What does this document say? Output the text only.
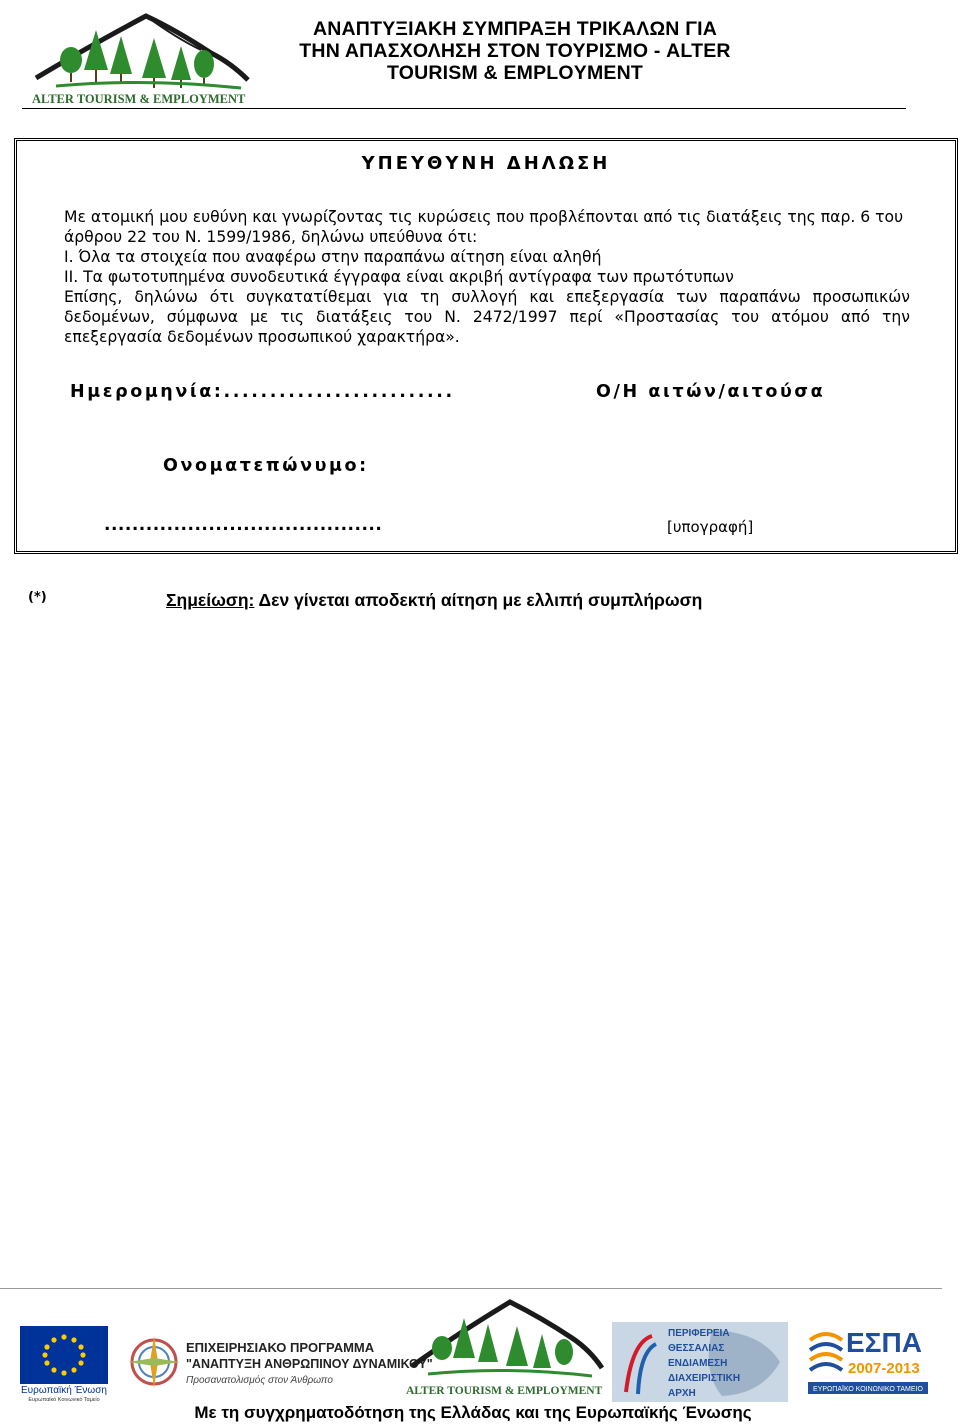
ALTER TOURISM & EMPLOYMENT
ΑΝΑΠΤΥΞΙΑΚΗ ΣΥΜΠΡΑΞΗ ΤΡΙΚΑΛΩΝ ΓΙΑ
ΤΗΝ ΑΠΑΣΧΟΛΗΣΗ ΣΤΟΝ ΤΟΥΡΙΣΜΟ - ALTER
TOURISM & EMPLOYMENT
ΥΠΕΥΘΥΝΗ ΔΗΛΩΣΗ

Με ατομική μου ευθύνη και γνωρίζοντας τις κυρώσεις που προβλέπονται από τις διατάξεις της παρ. 6 του άρθρου 22 του Ν. 1599/1986, δηλώνω υπεύθυνα ότι:

Ι. Όλα τα στοιχεία που αναφέρω στην παραπάνω αίτηση είναι αληθή

ΙΙ. Τα φωτοτυπημένα συνοδευτικά έγγραφα είναι ακριβή αντίγραφα των πρωτότυπων

Επίσης, δηλώνω ότι συγκατατίθεμαι για τη συλλογή και επεξεργασία των παραπάνω προσωπικών δεδομένων, σύμφωνα με τις διατάξεις του Ν. 2472/1997 περί «Προστασίας του ατόμου από την επεξεργασία δεδομένων προσωπικού χαρακτήρα».

Ημερομηνία:.........................	Ο/Η αιτών/αιτούσα
Ονοματεπώνυμο:
........................................	[υπογραφή]
(*)	Σημείωση: Δεν γίνεται αποδεκτή αίτηση με ελλιπή συμπλήρωση
Ευρωπαϊκή Ένωση
Ευρωπαϊκό Κοινωνικό Ταμείο
ΕΠΙΧΕΙΡΗΣΙΑΚΟ ΠΡΟΓΡΑΜΜΑ
"ΑΝΑΠΤΥΞΗ ΑΝΘΡΩΠΙΝΟΥ ΔΥΝΑΜΙΚΟΥ"
Προσανατολισμός στον Άνθρωπο
ALTER TOURISM & EMPLOYMENT
ΠΕΡΙΦΕΡΕΙΑ
ΘΕΣΣΑΛΙΑΣ
ΕΝΔΙΑΜΕΣΗ
ΔΙΑΧΕΙΡΙΣΤΙΚΗ
ΑΡΧΗ
ΕΣΠΑ
2007-2013
ΕΥΡΩΠΑΪΚΟ ΚΟΙΝΩΝΙΚΟ ΤΑΜΕΙΟ
Με τη συγχρηματοδότηση της Ελλάδας και της Ευρωπαϊκής Ένωσης
